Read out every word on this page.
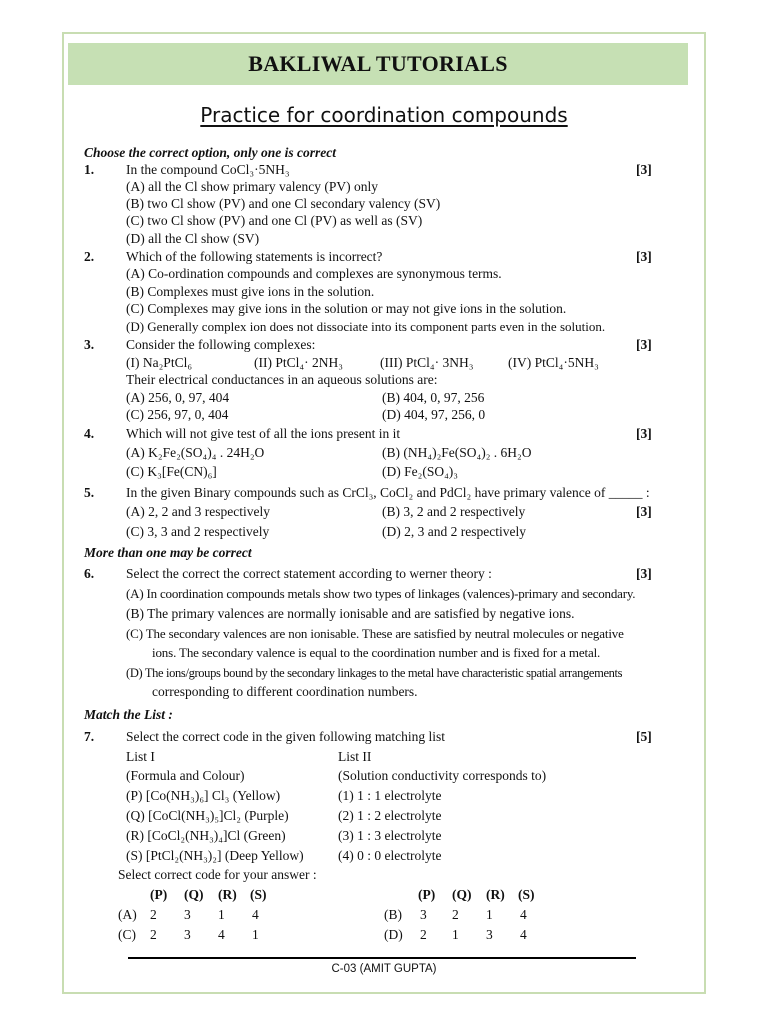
BAKLIWAL TUTORIALS
Practice for coordination compounds
Choose the correct option, only one is correct
1. In the compound CoCl₃·5NH₃	[3]
(A) all the Cl show primary valency (PV) only
(B) two Cl show (PV) and one Cl secondary valency (SV)
(C) two Cl show (PV) and one Cl (PV) as well as (SV)
(D) all the Cl show (SV)
2. Which of the following statements is incorrect?	[3]
(A) Co-ordination compounds and complexes are synonymous terms.
(B) Complexes must give ions in the solution.
(C) Complexes may give ions in the solution or may not give ions in the solution.
(D) Generally complex ion does not dissociate into its component parts even in the solution.
3. Consider the following complexes:	[3]
(I) Na₂PtCl₆	(II) PtCl₄· 2NH₃	(III) PtCl₄· 3NH₃	(IV) PtCl₄·5NH₃
Their electrical conductances in an aqueous solutions are:
(A) 256, 0, 97, 404	(B) 404, 0, 97, 256
(C) 256, 97, 0, 404	(D) 404, 97, 256, 0
4. Which will not give test of all the ions present in it	[3]
(A) K₂Fe₂(SO₄)₄ . 24H₂O	(B) (NH₄)₂Fe(SO₄)₂ . 6H₂O
(C) K₃[Fe(CN)₆]	(D) Fe₂(SO₄)₃
5. In the given Binary compounds such as CrCl₃, CoCl₂ and PdCl₂ have primary valence of _____ :
(A) 2, 2 and 3 respectively	(B) 3, 2 and 2 respectively	[3]
(C) 3, 3 and 2 respectively	(D) 2, 3 and 2 respectively
More than one may be correct
6. Select the correct the correct statement according to werner theory :	[3]
(A) In coordination compounds metals show two types of linkages (valences)-primary and secondary.
(B) The primary valences are normally ionisable and are satisfied by negative ions.
(C) The secondary valences are non ionisable. These are satisfied by neutral molecules or negative
ions. The secondary valence is equal to the coordination number and is fixed for a metal.
(D) The ions/groups bound by the secondary linkages to the metal have characteristic spatial arrangements
corresponding to different coordination numbers.
Match the List :
7. Select the correct code in the given following matching list	[5]
List I	List II
(Formula and Colour)	(Solution conductivity corresponds to)
(P) [Co(NH₃)₆] Cl₃ (Yellow)	(1) 1 : 1 electrolyte
(Q) [CoCl(NH₃)₅]Cl₂ (Purple)	(2) 1 : 2 electrolyte
(R) [CoCl₂(NH₃)₄]Cl (Green)	(3) 1 : 3 electrolyte
(S) [PtCl₂(NH₃)₂] (Deep Yellow)	(4) 0 : 0 electrolyte
Select correct code for your answer :
(P) (Q) (R) (S)	(P) (Q) (R) (S)
(A) 2 3 1 4	(B) 3 2 1 4
(C) 2 3 4 1	(D) 2 1 3 4
C-03 (AMIT GUPTA)
